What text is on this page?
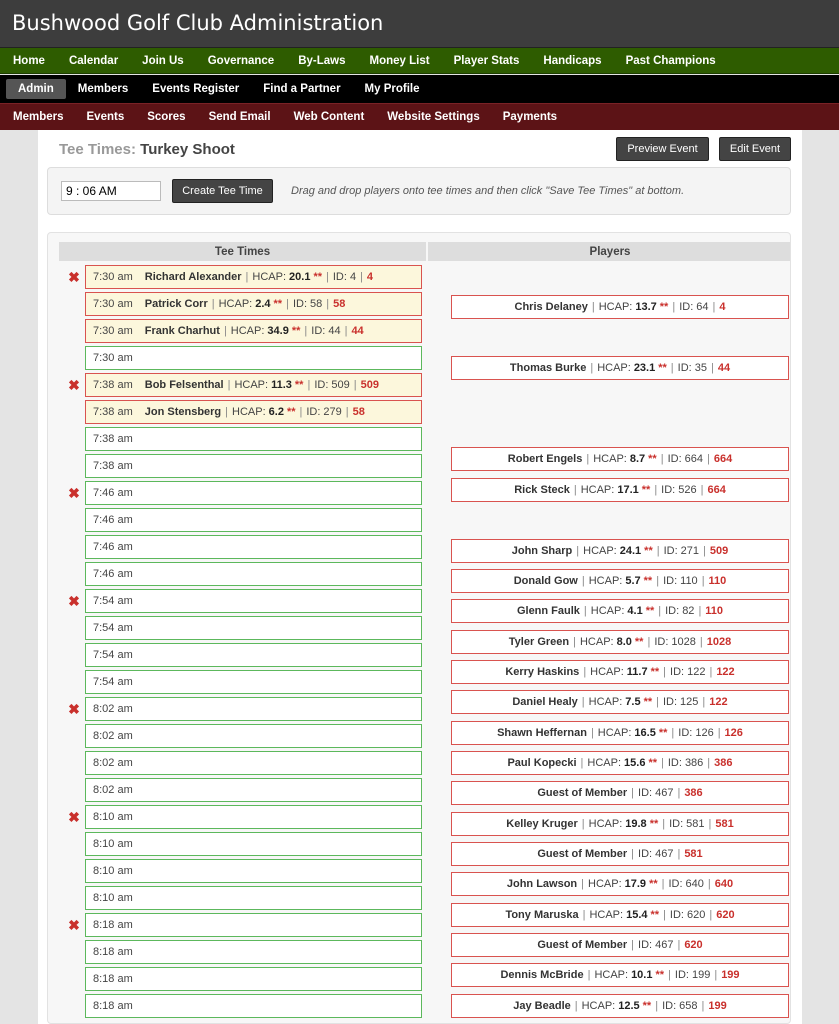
Bushwood Golf Club Administration
Home	Calendar	Join Us	Governance	By-Laws	Money List	Player Stats	Handicaps	Past Champions
Admin	Members	Events Register	Find a Partner	My Profile
Members	Events	Scores	Send Email	Web Content	Website Settings	Payments
Tee Times: Turkey Shoot	Preview Event	Edit Event
9 : 06 AM
Create Tee Time	Drag and drop players onto tee times and then click "Save Tee Times" at bottom.
Tee Times	Players
✖ 7:30 am Richard Alexander | HCAP: 20.1 ** | ID: 4 | 4
7:30 am Patrick Corr | HCAP: 2.4 ** | ID: 58 | 58
7:30 am Frank Charhut | HCAP: 34.9 ** | ID: 44 | 44
7:30 am
✖ 7:38 am Bob Felsenthal | HCAP: 11.3 ** | ID: 509 | 509
7:38 am Jon Stensberg | HCAP: 6.2 ** | ID: 279 | 58
7:38 am
7:38 am
✖ 7:46 am
7:46 am
7:46 am
7:46 am
✖ 7:54 am
7:54 am
7:54 am
7:54 am
✖ 8:02 am
8:02 am
8:02 am
8:02 am
✖ 8:10 am
8:10 am
8:10 am
8:10 am
✖ 8:18 am
8:18 am
8:18 am
8:18 am
Chris Delaney | HCAP: 13.7 ** | ID: 64 | 4
Thomas Burke | HCAP: 23.1 ** | ID: 35 | 44
Robert Engels | HCAP: 8.7 ** | ID: 664 | 664
Rick Steck | HCAP: 17.1 ** | ID: 526 | 664
John Sharp | HCAP: 24.1 ** | ID: 271 | 509
Donald Gow | HCAP: 5.7 ** | ID: 110 | 110
Glenn Faulk | HCAP: 4.1 ** | ID: 82 | 110
Tyler Green | HCAP: 8.0 ** | ID: 1028 | 1028
Kerry Haskins | HCAP: 11.7 ** | ID: 122 | 122
Daniel Healy | HCAP: 7.5 ** | ID: 125 | 122
Shawn Heffernan | HCAP: 16.5 ** | ID: 126 | 126
Paul Kopecki | HCAP: 15.6 ** | ID: 386 | 386
Guest of Member | ID: 467 | 386
Kelley Kruger | HCAP: 19.8 ** | ID: 581 | 581
Guest of Member | ID: 467 | 581
John Lawson | HCAP: 17.9 ** | ID: 640 | 640
Tony Maruska | HCAP: 15.4 ** | ID: 620 | 620
Guest of Member | ID: 467 | 620
Dennis McBride | HCAP: 10.1 ** | ID: 199 | 199
Jay Beadle | HCAP: 12.5 ** | ID: 658 | 199
